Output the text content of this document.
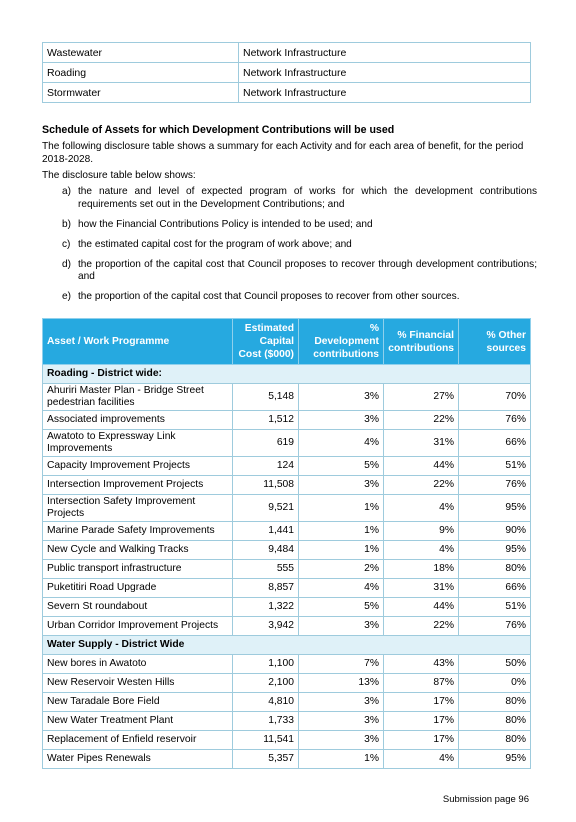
Wastewater	Network Infrastructure
Roading	Network Infrastructure
Stormwater	Network Infrastructure
Schedule of Assets for which Development Contributions will be used

The following disclosure table shows a summary for each Activity and for each area of benefit, for the period 2018-2028.

The disclosure table below shows:

a) the nature and level of expected program of works for which the development contributions requirements set out in the Development Contributions; and
b) how the Financial Contributions Policy is intended to be used; and
c) the estimated capital cost for the program of work above; and
d) the proportion of the capital cost that Council proposes to recover through development contributions; and
e) the proportion of the capital cost that Council proposes to recover from other sources.
Asset / Work Programme	Estimated Capital Cost ($000)	% Development contributions	% Financial contributions	% Other sources
Roading - District wide:				
Ahuriri Master Plan - Bridge Street pedestrian facilities	5,148	3%	27%	70%
Associated improvements	1,512	3%	22%	76%
Awatoto to Expressway Link Improvements	619	4%	31%	66%
Capacity Improvement Projects	124	5%	44%	51%
Intersection Improvement Projects	11,508	3%	22%	76%
Intersection Safety Improvement Projects	9,521	1%	4%	95%
Marine Parade Safety Improvements	1,441	1%	9%	90%
New Cycle and Walking Tracks	9,484	1%	4%	95%
Public transport infrastructure	555	2%	18%	80%
Puketitiri Road Upgrade	8,857	4%	31%	66%
Severn St roundabout	1,322	5%	44%	51%
Urban Corridor Improvement Projects	3,942	3%	22%	76%
Water Supply - District Wide				
New bores in Awatoto	1,100	7%	43%	50%
New Reservoir Westen Hills	2,100	13%	87%	0%
New Taradale Bore Field	4,810	3%	17%	80%
New Water Treatment Plant	1,733	3%	17%	80%
Replacement of Enfield reservoir	11,541	3%	17%	80%
Water Pipes Renewals	5,357	1%	4%	95%
Submission page 96
